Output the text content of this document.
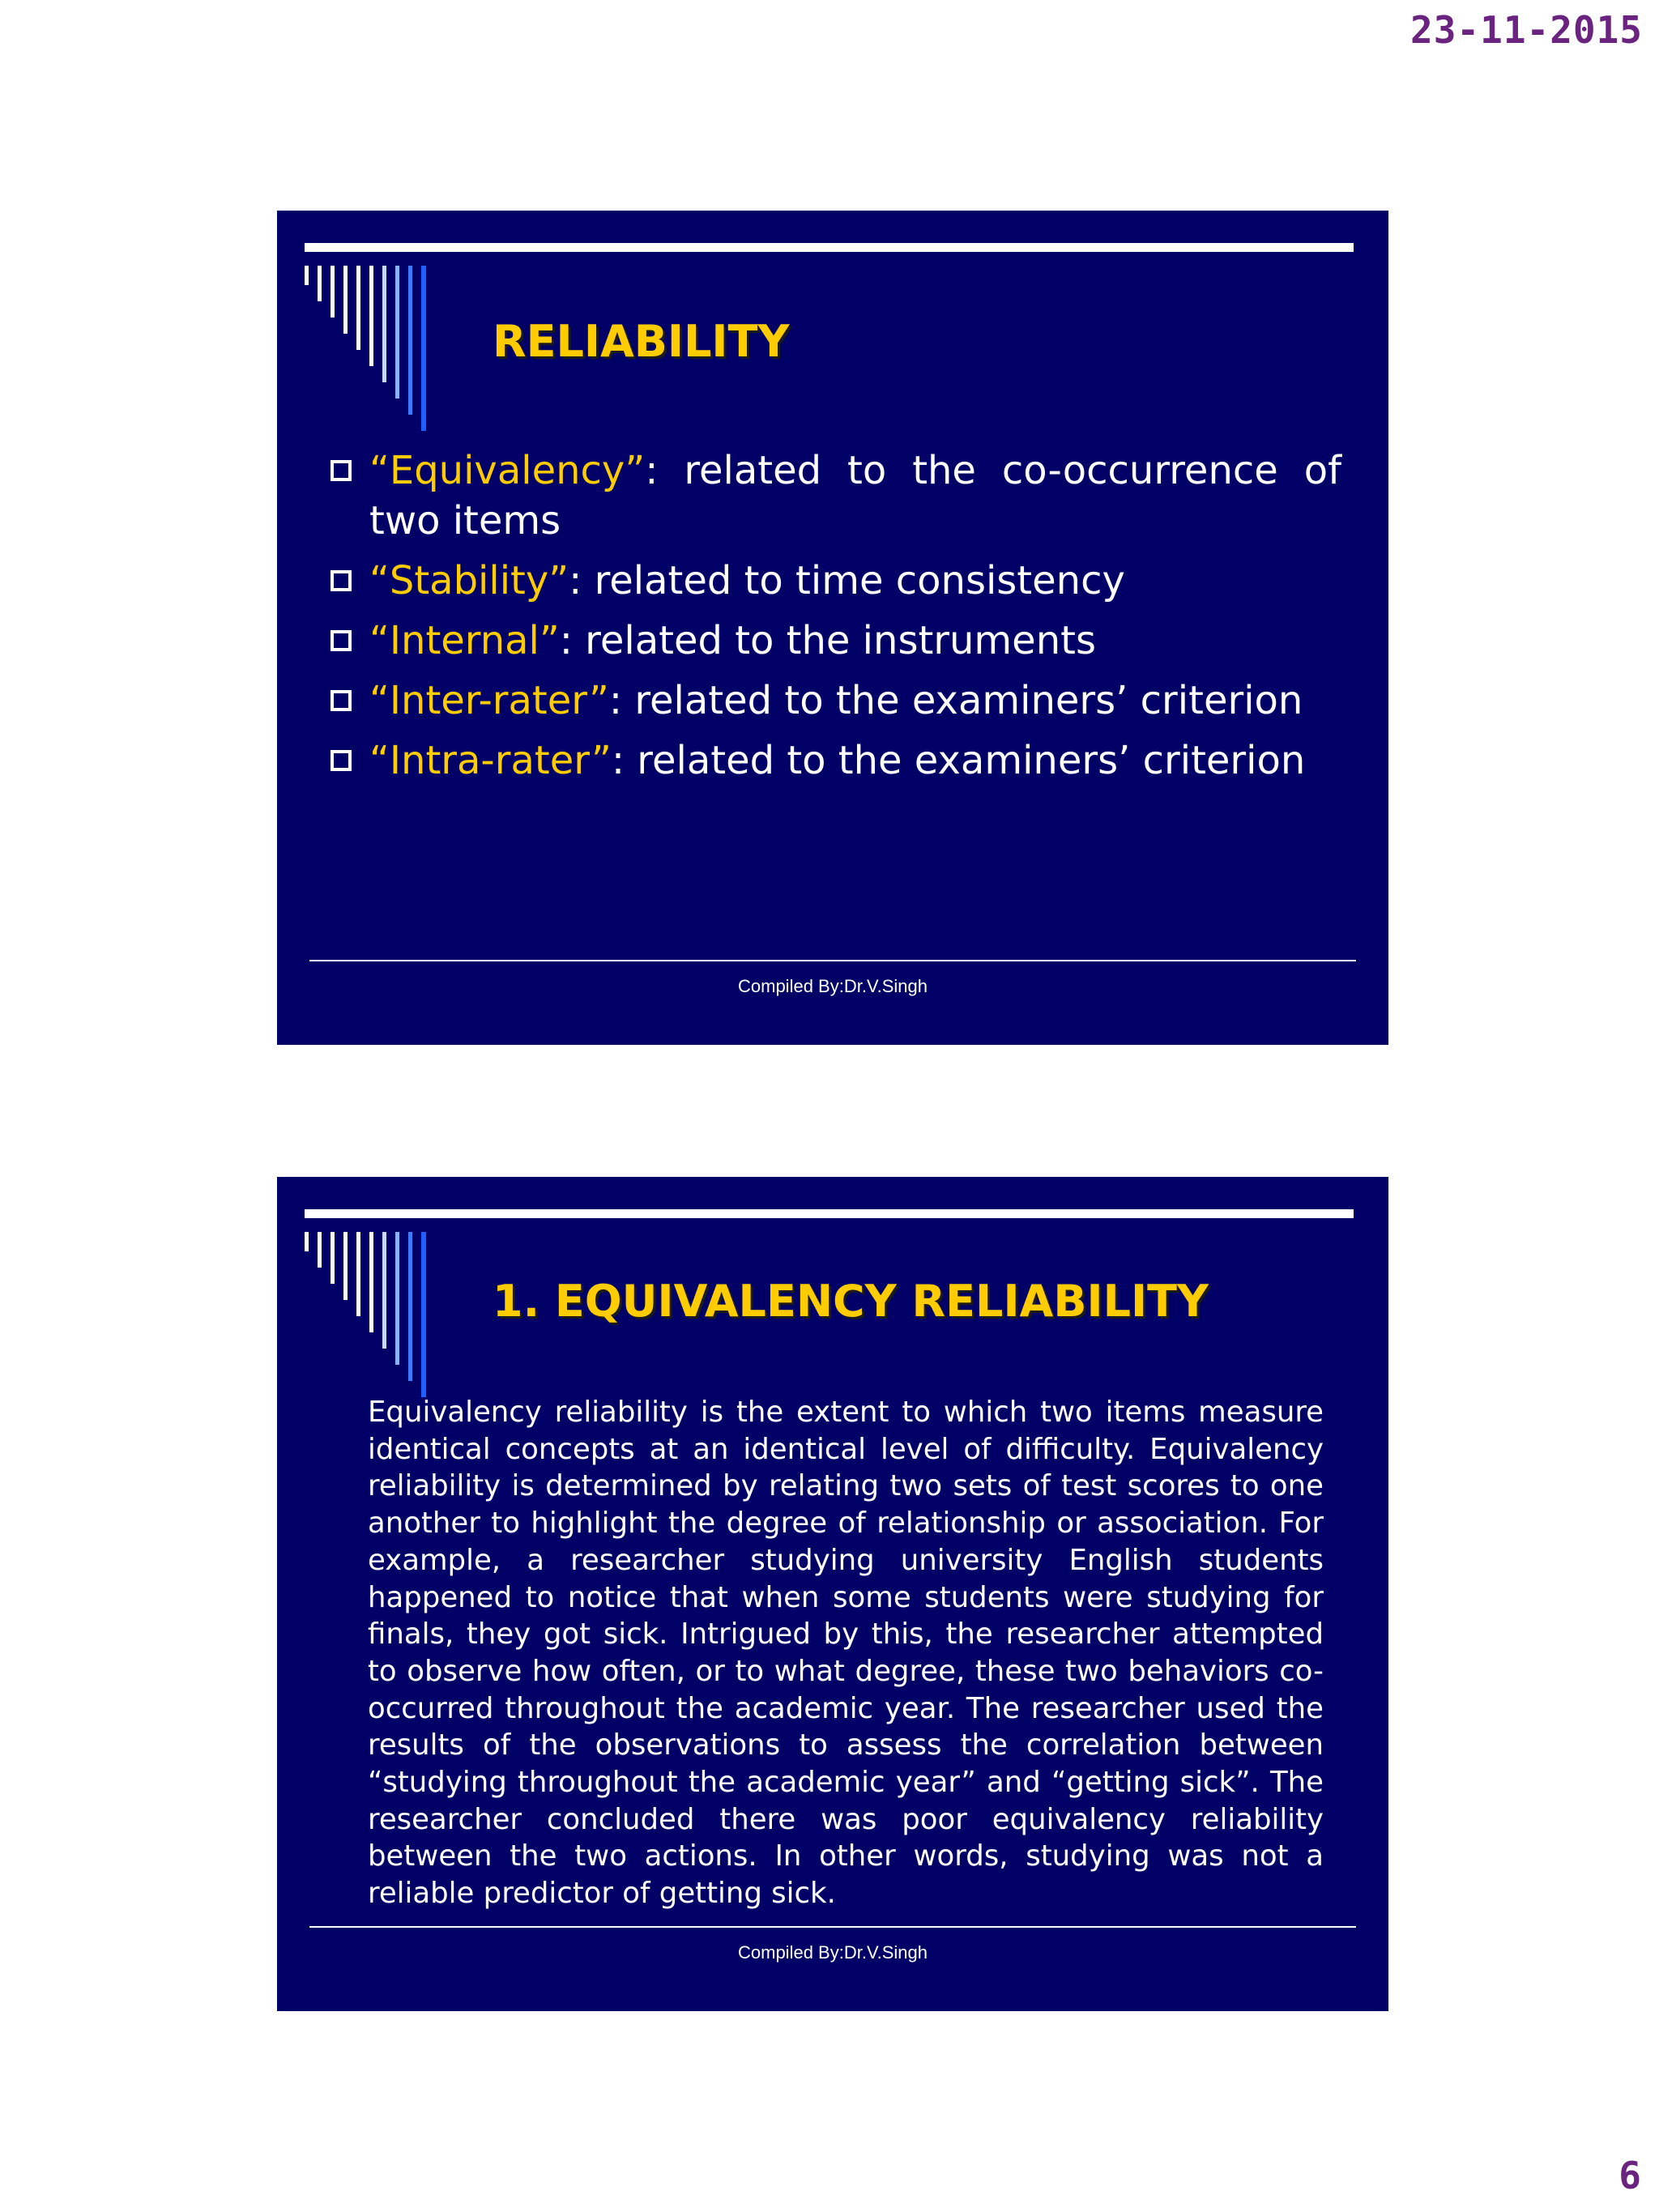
23-11-2015
RELIABILITY
“Equivalency”: related to the co-occurrence of two items
“Stability”: related to time consistency
“Internal”: related to the instruments
“Inter-rater”: related to the examiners’ criterion
“Intra-rater”: related to the examiners’ criterion
Compiled By:Dr.V.Singh
1. EQUIVALENCY RELIABILITY

Equivalency reliability is the extent to which two items measure identical concepts at an identical level of difficulty. Equivalency reliability is determined by relating two sets of test scores to one another to highlight the degree of relationship or association. For example, a researcher studying university English students happened to notice that when some students were studying for finals, they got sick. Intrigued by this, the researcher attempted to observe how often, or to what degree, these two behaviors co-occurred throughout the academic year. The researcher used the results of the observations to assess the correlation between “studying throughout the academic year” and “getting sick”. The researcher concluded there was poor equivalency reliability between the two actions. In other words, studying was not a reliable predictor of getting sick.

Compiled By:Dr.V.Singh
6
